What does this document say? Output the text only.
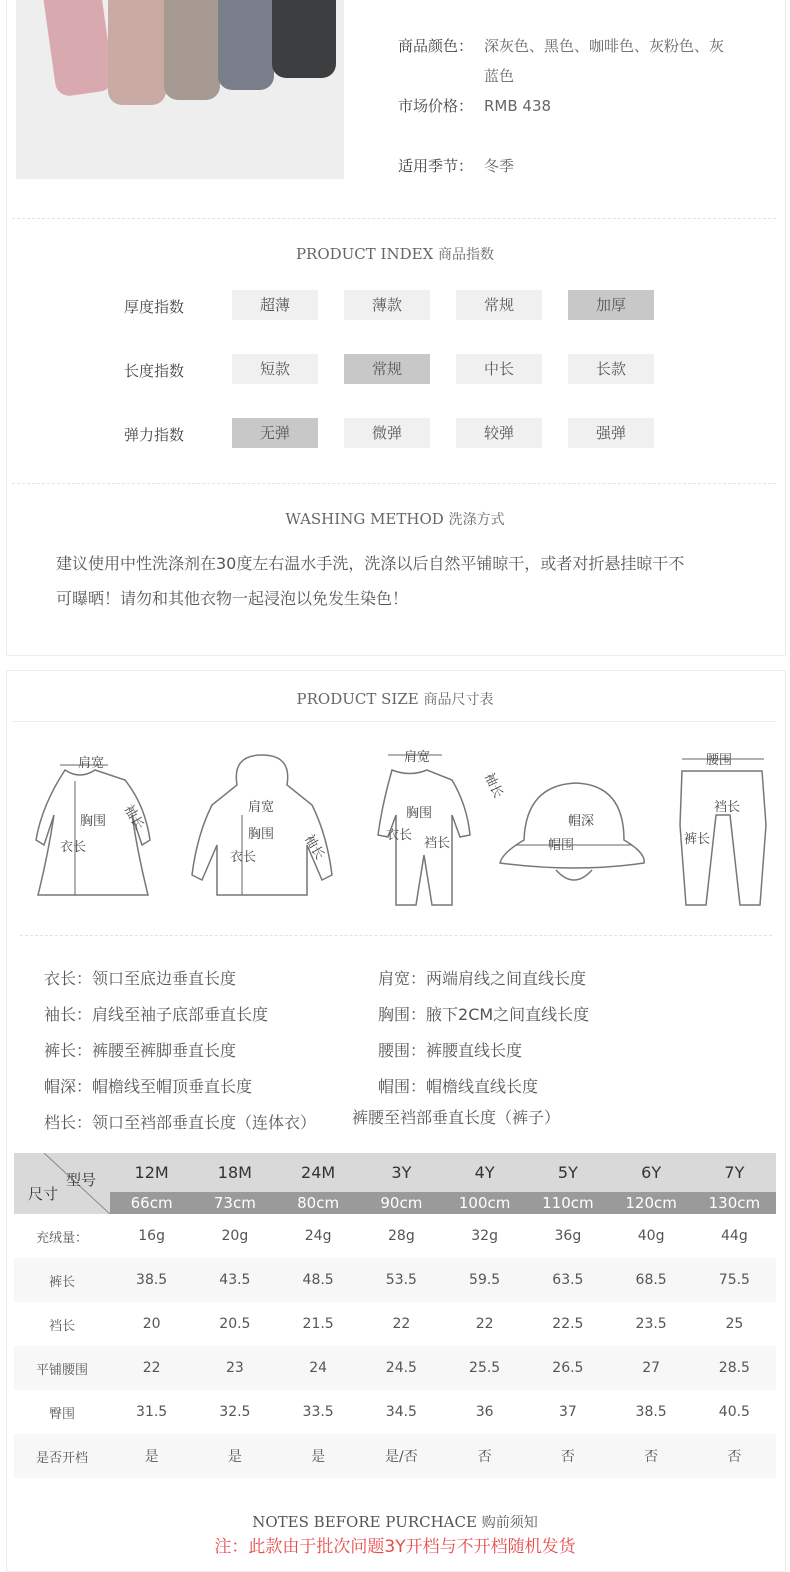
商品颜色： 深灰色、黑色、咖啡色、灰粉色、灰
蓝色
市场价格： RMB 438
适用季节： 冬季
PRODUCT INDEX 商品指数
厚度指数	超薄	薄款	常规	加厚
长度指数	短款	常规	中长	长款
弹力指数	无弹	微弹	较弹	强弹
WASHING METHOD 洗涤方式
建议使用中性洗涤剂在30度左右温水手洗，洗涤以后自然平铺晾干，或者对折悬挂晾干不
可曝晒！请勿和其他衣物一起浸泡以免发生染色！
PRODUCT SIZE 商品尺寸表
肩宽
衣长
胸围 袖长	肩宽
胸围
衣长	袖长
肩宽
胸围
衣长
裆长
袖长
帽深
帽围
腰围
裆长
裤长
衣长：领口至底边垂直长度
袖长：肩线至袖子底部垂直长度
裤长：裤腰至裤脚垂直长度
帽深：帽檐线至帽顶垂直长度
档长：领口至裆部垂直长度（连体衣）
肩宽：两端肩线之间直线长度
胸围：腋下2CM之间直线长度
腰围：裤腰直线长度
帽围：帽檐线直线长度
裤腰至裆部垂直长度（裤子）
型号
尺寸	12M	18M	24M	3Y	4Y	5Y	6Y	7Y
	66cm	73cm	80cm	90cm	100cm	110cm	120cm	130cm
充绒量：	16g	20g	24g	28g	32g	36g	40g	44g
裤长	38.5	43.5	48.5	53.5	59.5	63.5	68.5	75.5
裆长	20	20.5	21.5	22	22	22.5	23.5	25
平铺腰围	22	23	24	24.5	25.5	26.5	27	28.5
臀围	31.5	32.5	33.5	34.5	36	37	38.5	40.5
是否开档	是	是	是	是/否	否	否	否	否
NOTES BEFORE PURCHACE 购前须知
注：此款由于批次问题3Y开档与不开档随机发货
